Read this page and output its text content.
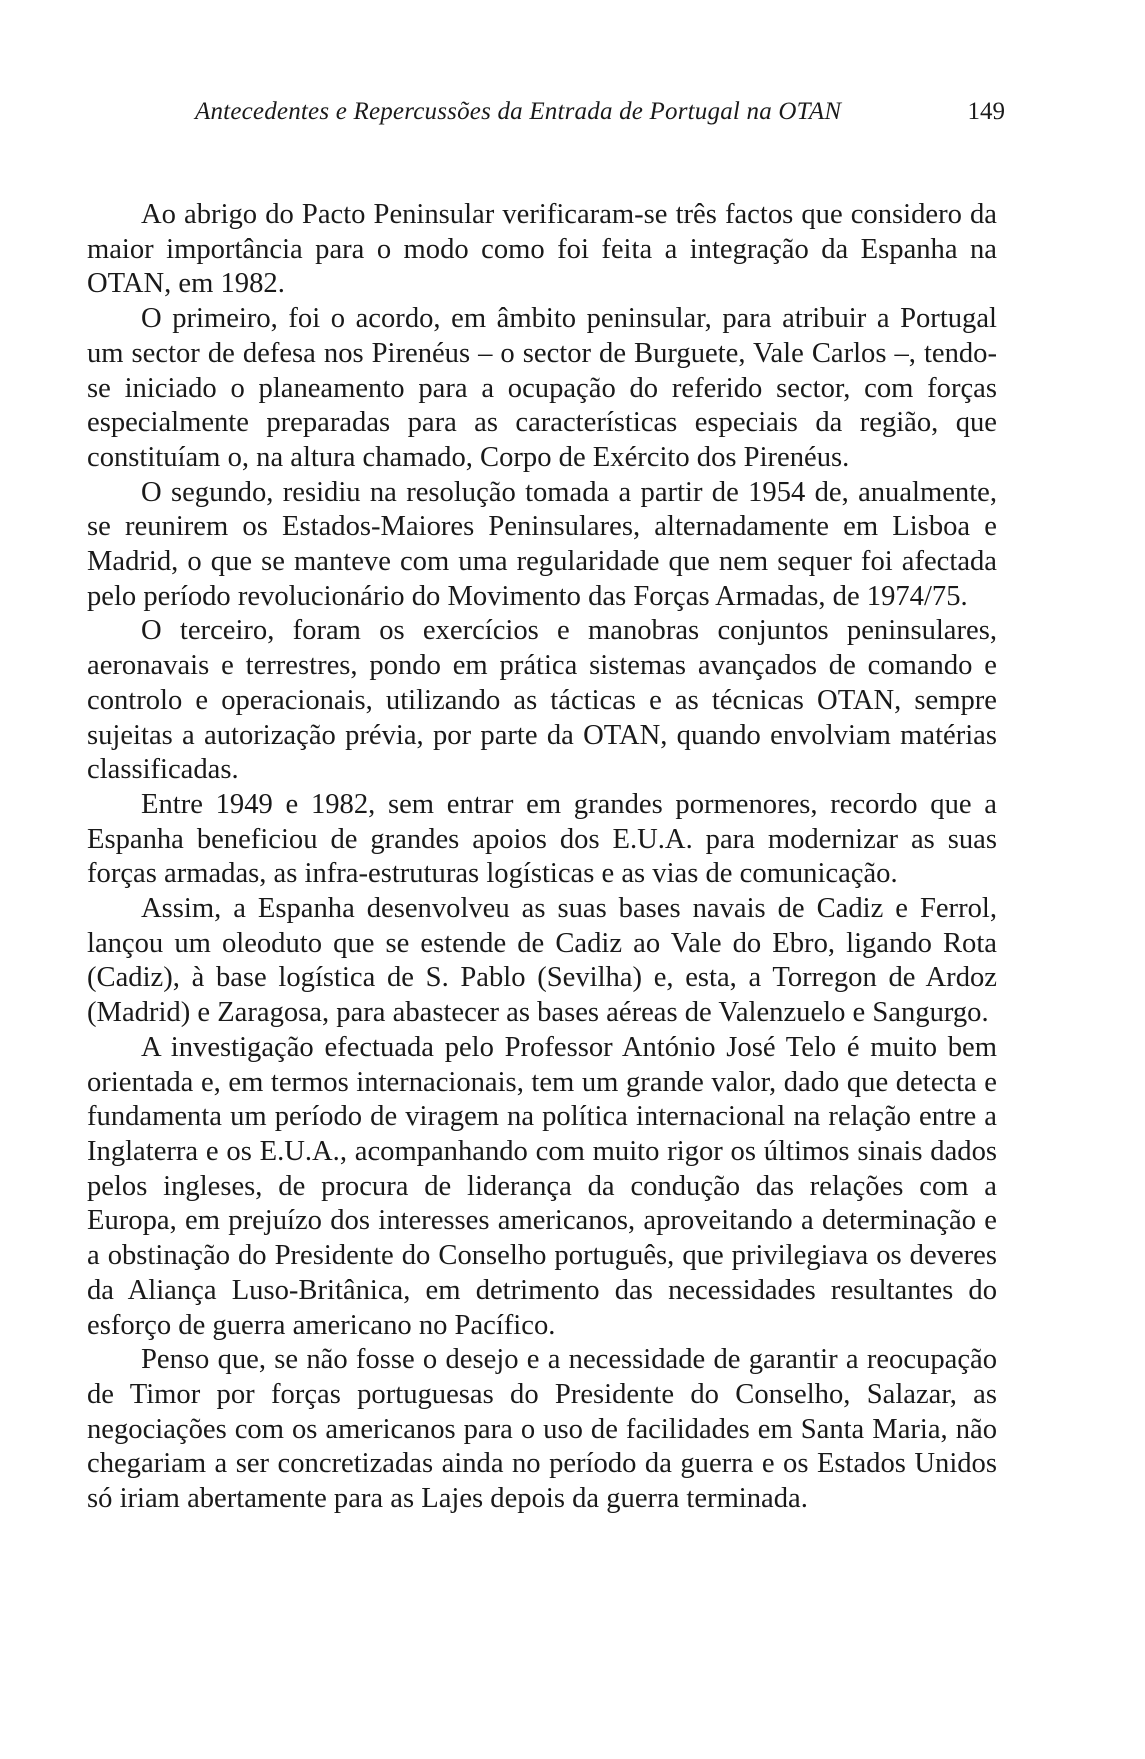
Antecedentes e Repercussões da Entrada de Portugal na OTAN	149

Ao abrigo do Pacto Peninsular verificaram-se três factos que considero da maior importância para o modo como foi feita a integração da Espanha na OTAN, em 1982.

O primeiro, foi o acordo, em âmbito peninsular, para atribuir a Portugal um sector de defesa nos Pirenéus – o sector de Burguete, Vale Carlos –, tendo-se iniciado o planeamento para a ocupação do referido sector, com forças especialmente preparadas para as características especiais da região, que constituíam o, na altura chamado, Corpo de Exército dos Pirenéus.

O segundo, residiu na resolução tomada a partir de 1954 de, anualmente, se reunirem os Estados-Maiores Peninsulares, alternadamente em Lisboa e Madrid, o que se manteve com uma regularidade que nem sequer foi afectada pelo período revolucionário do Movimento das Forças Armadas, de 1974/75.

O terceiro, foram os exercícios e manobras conjuntos peninsulares, aeronavais e terrestres, pondo em prática sistemas avançados de comando e controlo e operacionais, utilizando as tácticas e as técnicas OTAN, sempre sujeitas a autorização prévia, por parte da OTAN, quando envolviam matérias classificadas.

Entre 1949 e 1982, sem entrar em grandes pormenores, recordo que a Espanha beneficiou de grandes apoios dos E.U.A. para modernizar as suas forças armadas, as infra-estruturas logísticas e as vias de comunicação.

Assim, a Espanha desenvolveu as suas bases navais de Cadiz e Ferrol, lançou um oleoduto que se estende de Cadiz ao Vale do Ebro, ligando Rota (Cadiz), à base logística de S. Pablo (Sevilha) e, esta, a Torregon de Ardoz (Madrid) e Zaragosa, para abastecer as bases aéreas de Valenzuelo e Sangurgo.

A investigação efectuada pelo Professor António José Telo é muito bem orientada e, em termos internacionais, tem um grande valor, dado que detecta e fundamenta um período de viragem na política internacional na relação entre a Inglaterra e os E.U.A., acompanhando com muito rigor os últimos sinais dados pelos ingleses, de procura de liderança da condução das relações com a Europa, em prejuízo dos interesses americanos, aproveitando a determinação e a obstinação do Presidente do Conselho português, que privilegiava os deveres da Aliança Luso-Britânica, em detrimento das necessidades resultantes do esforço de guerra americano no Pacífico.

Penso que, se não fosse o desejo e a necessidade de garantir a reocupação de Timor por forças portuguesas do Presidente do Conselho, Salazar, as negociações com os americanos para o uso de facilidades em Santa Maria, não chegariam a ser concretizadas ainda no período da guerra e os Estados Unidos só iriam abertamente para as Lajes depois da guerra terminada.
